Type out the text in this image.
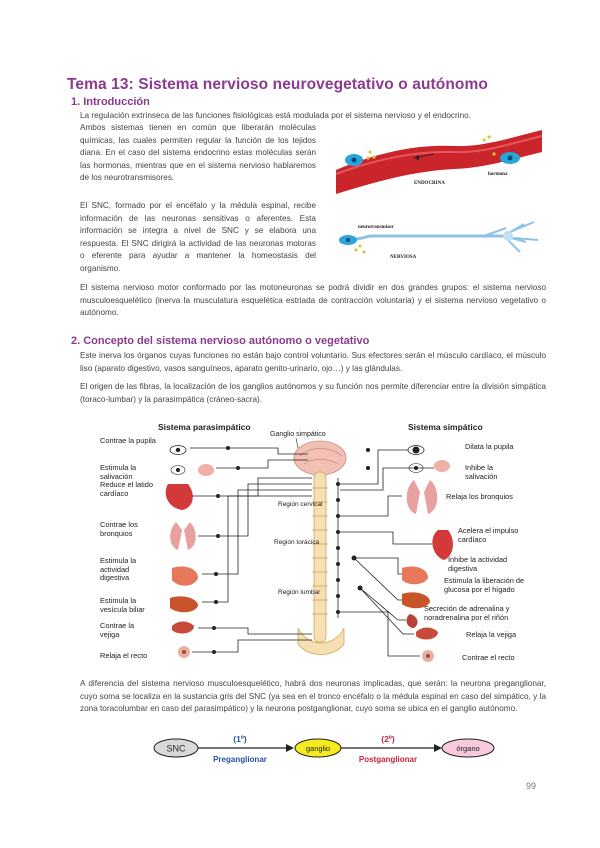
Tema 13: Sistema nervioso neurovegetativo o autónomo
1. Introducción
La regulación extrínseca de las funciones fisiológicas está modulada por el sistema nervioso y el endocrino.
Ambos sistemas tienen en común que liberarán moléculas químicas, las cuales permiten regular la función de los tejidos diana. En el caso del sistema endocrino estas moléculas serán las hormonas, mientras que en el sistema nervioso hablaremos de los neurotransmisores.
El SNC, formado por el encéfalo y la médula espinal, recibe información de las neuronas sensitivas o aferentes. Esta información se integra a nivel de SNC y se elabora una respuesta. El SNC dirigirá la actividad de las neuronas motoras o eferente para ayudar a mantener la homeostasis del organismo.
hormona
ENDOCRINA
neurotransmisor
NERVIOSA
El sistema nervioso motor conformado por las motoneuronas se podrá dividir en dos grandes grupos: el sistema nervioso musculoesquelético (inerva la musculatura esquelética estriada de contracción voluntaria) y el sistema nervioso vegetativo o autónomo.
2. Concepto del sistema nervioso autónomo o vegetativo
Este inerva los órganos cuyas funciones no están bajo control voluntario. Sus efectores serán el músculo cardíaco, el músculo liso (aparato digestivo, vasos sanguíneos, aparato genito-urinario, ojo…) y las glándulas.
El origen de las fibras, la localización de los ganglios autónomos y su función nos permite diferenciar entre la división simpática (toraco-lumbar) y la parasimpática (cráneo-sacra).
Sistema parasimpático	Sistema simpático
Ganglio simpático
Región cervical
Región torácica
Región lumbar
Contrae la pupila
Estimula la salivación
Reduce el latido cardíaco
Contrae los bronquios
Estimula la actividad digestiva
Estimula la vesícula biliar
Contrae la vejiga
Relaja el recto
Dilata la pupila
Inhibe la salivación
Relaja los bronquios
Acelera el impulso cardíaco
Inhibe la actividad digestiva
Estimula la liberación de glucosa por el hígado
Secreción de adrenalina y noradrenalina por el riñón
Relaja la vejiga
Contrae el recto
A diferencia del sistema nervioso musculoesquelético, habrá dos neuronas implicadas, que serán: la neurona preganglionar, cuyo soma se localiza en la sustancia gris del SNC (ya sea en el tronco encéfalo o la médula espinal en caso del simpático, y la zona toracolumbar en caso del parasimpático) y la neurona postganglionar, cuyo soma se ubica en el ganglio autónomo.
SNC
(1º)
Preganglionar
ganglio
(2º)
Postganglionar
órgano
99
